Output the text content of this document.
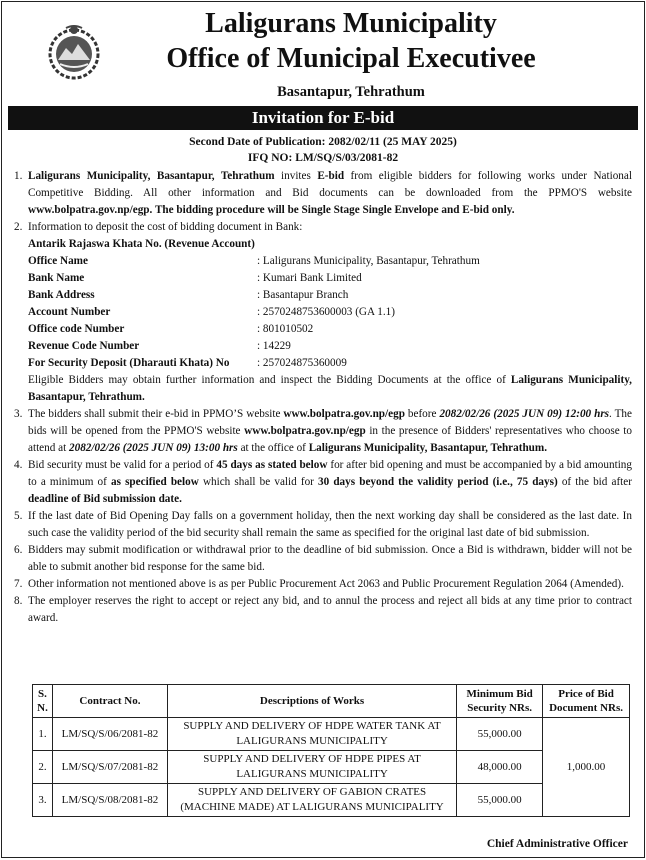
Laligurans Municipality
Office of Municipal Executivee
Basantapur, Tehrathum
Invitation for E-bid
Second Date of Publication: 2082/02/11 (25 MAY 2025)
IFQ NO: LM/SQ/S/03/2081-82
1. Laligurans Municipality, Basantapur, Tehrathum invites E-bid from eligible bidders for following works under National Competitive Bidding. All other information and Bid documents can be downloaded from the PPMO'S website www.bolpatra.gov.np/egp. The bidding procedure will be Single Stage Single Envelope and E-bid only.
2. Information to deposit the cost of bidding document in Bank:
Antarik Rajaswa Khata No. (Revenue Account)
Office Name	: Laligurans Municipality, Basantapur, Tehrathum
Bank Name	: Kumari Bank Limited
Bank Address	: Basantapur Branch
Account Number	: 2570248753600003 (GA 1.1)
Office code Number	: 801010502
Revenue Code Number	: 14229
For Security Deposit (Dharauti Khata) No	: 257024875360009
Eligible Bidders may obtain further information and inspect the Bidding Documents at the office of Laligurans Municipality, Basantapur, Tehrathum.
3. The bidders shall submit their e-bid in PPMO’S website www.bolpatra.gov.np/egp before 2082/02/26 (2025 JUN 09) 12:00 hrs. The bids will be opened from the PPMO'S website www.bolpatra.gov.np/egp in the presence of Bidders' representatives who choose to attend at 2082/02/26 (2025 JUN 09) 13:00 hrs at the office of Laligurans Municipality, Basantapur, Tehrathum.
4. Bid security must be valid for a period of 45 days as stated below for after bid opening and must be accompanied by a bid amounting to a minimum of as specified below which shall be valid for 30 days beyond the validity period (i.e., 75 days) of the bid after deadline of Bid submission date.
5. If the last date of Bid Opening Day falls on a government holiday, then the next working day shall be considered as the last date. In such case the validity period of the bid security shall remain the same as specified for the original last date of bid submission.
6. Bidders may submit modification or withdrawal prior to the deadline of bid submission. Once a Bid is withdrawn, bidder will not be able to submit another bid response for the same bid.
7. Other information not mentioned above is as per Public Procurement Act 2063 and Public Procurement Regulation 2064 (Amended).
8. The employer reserves the right to accept or reject any bid, and to annul the process and reject all bids at any time prior to contract award.
S. N.	Contract No.	Descriptions of Works	Minimum Bid Security NRs.	Price of Bid Document NRs.
1.	LM/SQ/S/06/2081-82	SUPPLY AND DELIVERY OF HDPE WATER TANK AT LALIGURANS MUNICIPALITY	55,000.00	1,000.00
2.	LM/SQ/S/07/2081-82	SUPPLY AND DELIVERY OF HDPE PIPES AT LALIGURANS MUNICIPALITY	48,000.00	
3.	LM/SQ/S/08/2081-82	SUPPLY AND DELIVERY OF GABION CRATES (MACHINE MADE) AT LALIGURANS MUNICIPALITY	55,000.00	
Chief Administrative Officer
